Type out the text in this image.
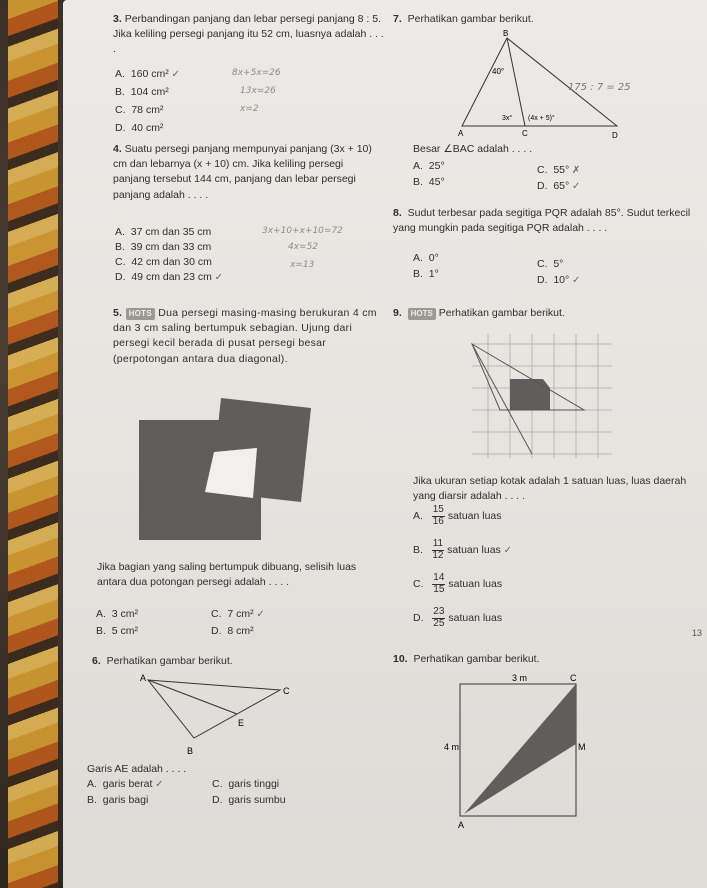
3. Perbandingan panjang dan lebar persegi panjang 8 : 5. Jika keliling persegi panjang itu 52 cm, luasnya adalah . . . .

A. 160 cm² ✓
B. 104 cm²
C. 78 cm²
D. 40 cm²
8x+5x=26
13x=26
x=2

4. Suatu persegi panjang mempunyai panjang (3x + 10) cm dan lebarnya (x + 10) cm. Jika keliling persegi panjang tersebut 144 cm, panjang dan lebar persegi panjang adalah . . . .

A. 37 cm dan 35 cm
B. 39 cm dan 33 cm
C. 42 cm dan 30 cm
D. 49 cm dan 23 cm ✓
3x+10+x+10=72
4x=52
x=13

5. HOTS Dua persegi masing-masing berukuran 4 cm dan 3 cm saling bertumpuk sebagian. Ujung dari persegi kecil berada di pusat persegi besar (perpotongan antara dua diagonal).

Jika bagian yang saling bertumpuk dibuang, selisih luas antara dua potongan persegi adalah . . . .

A. 3 cm²
B. 5 cm²
C. 7 cm² ✓
D. 8 cm²

6. Perhatikan gambar berikut.

A
C
E
B

Garis AE adalah . . . .

A. garis berat ✓
B. garis bagi
C. garis tinggi
D. garis sumbu

7. Perhatikan gambar berikut.

B
40°
3x° (4x + 5)°
A	C	D
175 : 7 = 25

Besar ∠BAC adalah . . . .

A. 25°
B. 45°
C. 55° ✗
D. 65° ✓

8. Sudut terbesar pada segitiga PQR adalah 85°. Sudut terkecil yang mungkin pada segitiga PQR adalah . . . .

A. 0°
B. 1°
C. 5°
D. 10° ✓

9. HOTS Perhatikan gambar berikut.

Jika ukuran setiap kotak adalah 1 satuan luas, luas daerah yang diarsir adalah . . . .

A. $\frac{15}{16}$ satuan luas
B. $\frac{11}{12}$ satuan luas ✓
C. $\frac{14}{15}$ satuan luas
D. $\frac{23}{25}$ satuan luas
13

10. Perhatikan gambar berikut.

3 m	C
4 m	M
A
